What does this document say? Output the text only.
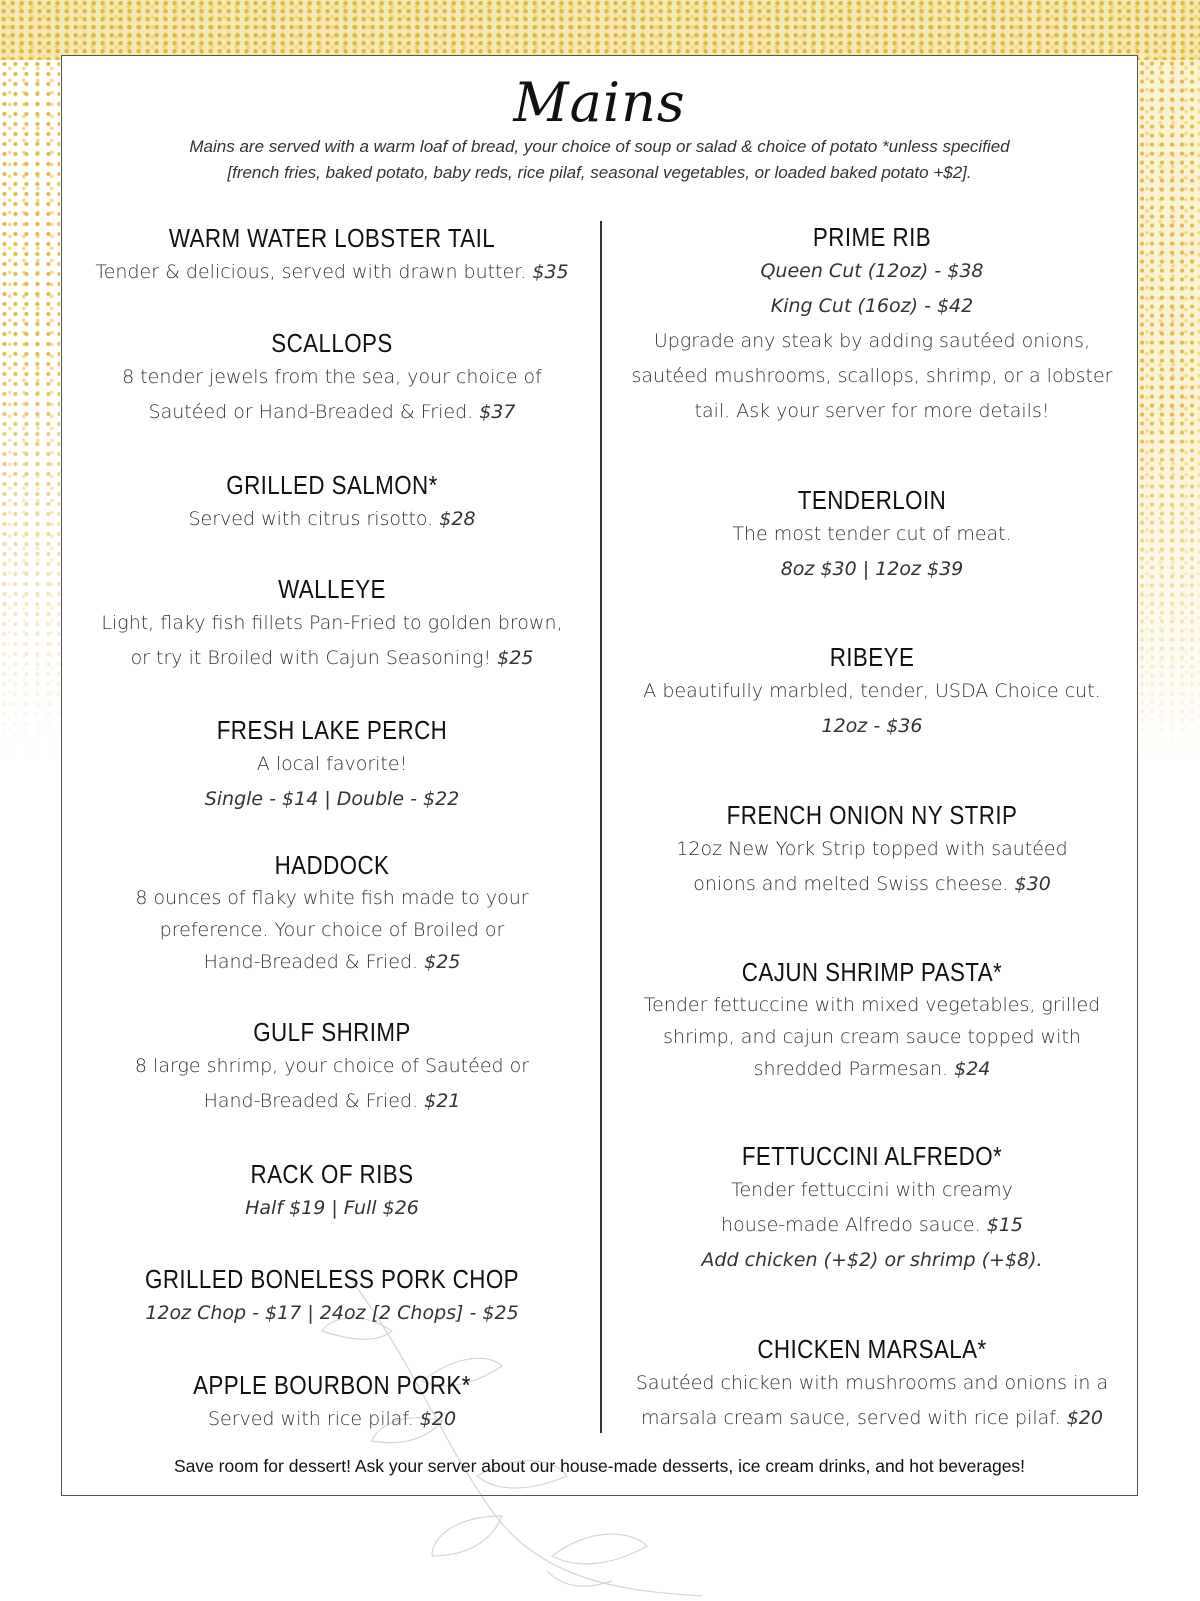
Mains
Mains are served with a warm loaf of bread, your choice of soup or salad & choice of potato *unless specified
[french fries, baked potato, baby reds, rice pilaf, seasonal vegetables, or loaded baked potato +$2].
WARM WATER LOBSTER TAIL

Tender & delicious, served with drawn butter. $35

SCALLOPS

8 tender jewels from the sea, your choice of
Sautéed or Hand-Breaded & Fried. $37

GRILLED SALMON*

Served with citrus risotto. $28

WALLEYE

Light, flaky fish fillets Pan-Fried to golden brown,
or try it Broiled with Cajun Seasoning! $25

FRESH LAKE PERCH

A local favorite!

Single - $14 | Double - $22

HADDOCK

8 ounces of flaky white fish made to your
preference. Your choice of Broiled or
Hand-Breaded & Fried. $25

GULF SHRIMP

8 large shrimp, your choice of Sautéed or
Hand-Breaded & Fried. $21

RACK OF RIBS

Half $19 | Full $26

GRILLED BONELESS PORK CHOP

12oz Chop - $17 | 24oz [2 Chops] - $25

APPLE BOURBON PORK*

Served with rice pilaf. $20

PRIME RIB

Queen Cut (12oz) - $38

King Cut (16oz) - $42

Upgrade any steak by adding sautéed onions,
sautéed mushrooms, scallops, shrimp, or a lobster
tail. Ask your server for more details!

TENDERLOIN

The most tender cut of meat.

8oz $30 | 12oz $39

RIBEYE

A beautifully marbled, tender, USDA Choice cut.

12oz - $36

FRENCH ONION NY STRIP

12oz New York Strip topped with sautéed
onions and melted Swiss cheese. $30

CAJUN SHRIMP PASTA*

Tender fettuccine with mixed vegetables, grilled
shrimp, and cajun cream sauce topped with
shredded Parmesan. $24

FETTUCCINI ALFREDO*

Tender fettuccini with creamy
house-made Alfredo sauce. $15

Add chicken (+$2) or shrimp (+$8).

CHICKEN MARSALA*

Sautéed chicken with mushrooms and onions in a
marsala cream sauce, served with rice pilaf. $20

Save room for dessert! Ask your server about our house-made desserts, ice cream drinks, and hot beverages!
